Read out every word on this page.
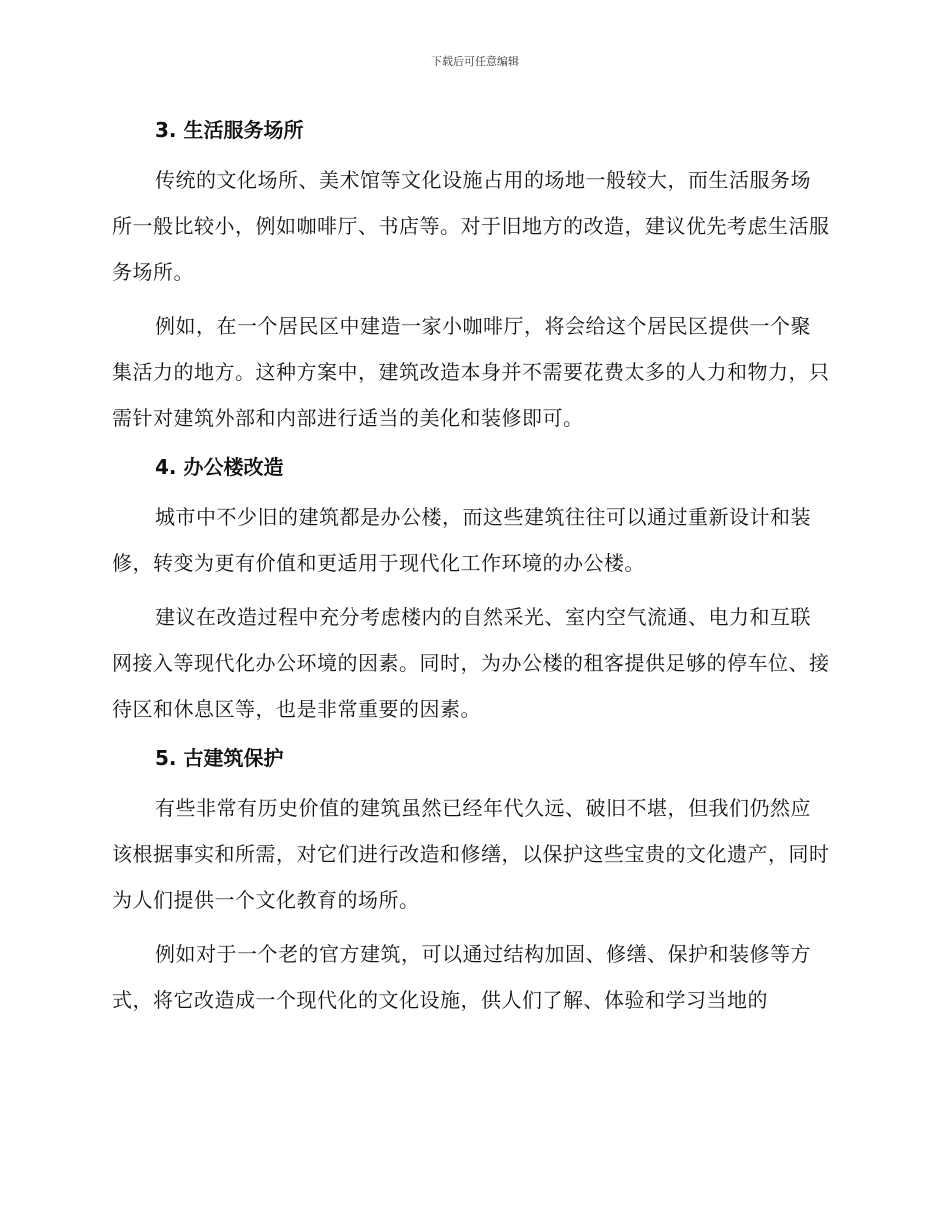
下载后可任意编辑
3. 生活服务场所

传统的文化场所、美术馆等文化设施占用的场地一般较大，而生活服务场所一般比较小，例如咖啡厅、书店等。对于旧地方的改造，建议优先考虑生活服务场所。

例如，在一个居民区中建造一家小咖啡厅，将会给这个居民区提供一个聚集活力的地方。这种方案中，建筑改造本身并不需要花费太多的人力和物力，只需针对建筑外部和内部进行适当的美化和装修即可。

4. 办公楼改造

城市中不少旧的建筑都是办公楼，而这些建筑往往可以通过重新设计和装修，转变为更有价值和更适用于现代化工作环境的办公楼。

建议在改造过程中充分考虑楼内的自然采光、室内空气流通、电力和互联网接入等现代化办公环境的因素。同时，为办公楼的租客提供足够的停车位、接待区和休息区等，也是非常重要的因素。

5. 古建筑保护

有些非常有历史价值的建筑虽然已经年代久远、破旧不堪，但我们仍然应该根据事实和所需，对它们进行改造和修缮，以保护这些宝贵的文化遗产，同时为人们提供一个文化教育的场所。

例如对于一个老的官方建筑，可以通过结构加固、修缮、保护和装修等方式，将它改造成一个现代化的文化设施，供人们了解、体验和学习当地的
